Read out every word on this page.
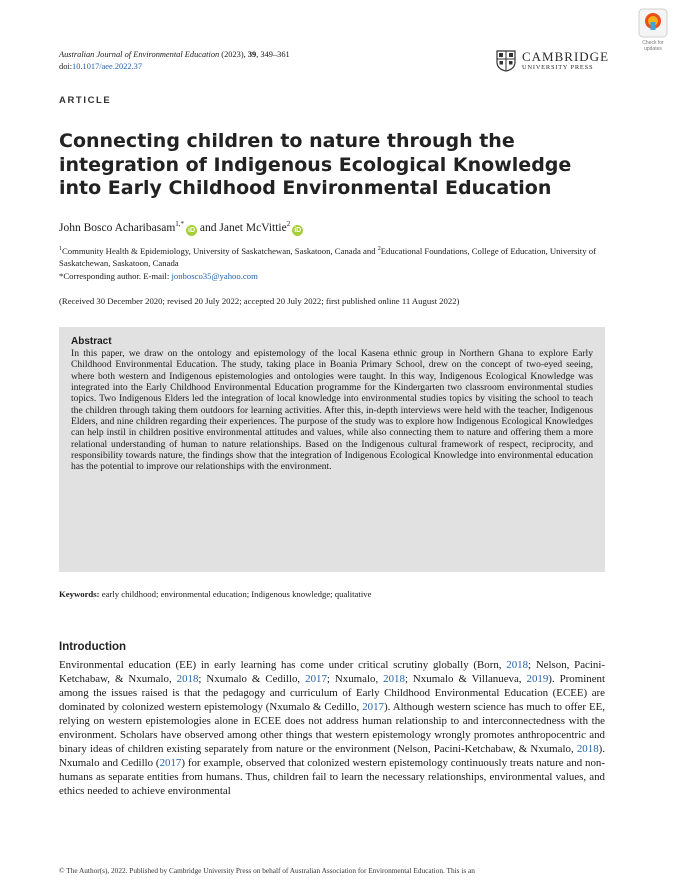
Check for
updates
Australian Journal of Environmental Education (2023), 39, 349–361
doi:10.1017/aee.2022.37
CAMBRIDGE
UNIVERSITY PRESS
ARTICLE
Connecting children to nature through the integration of Indigenous Ecological Knowledge into Early Childhood Environmental Education
John Bosco Acharibasam$^{1,*}$iD and Janet McVittie$^2$iD
$^1$Community Health & Epidemiology, University of Saskatchewan, Saskatoon, Canada and $^2$Educational Foundations, College of Education, University of Saskatchewan, Saskatoon, Canada
*Corresponding author. E-mail: jonbosco35@yahoo.com
(Received 30 December 2020; revised 20 July 2022; accepted 20 July 2022; first published online 11 August 2022)
Abstract
In this paper, we draw on the ontology and epistemology of the local Kasena ethnic group in Northern Ghana to explore Early Childhood Environmental Education. The study, taking place in Boania Primary School, drew on the concept of two-eyed seeing, where both western and Indigenous epistemologies and ontologies were taught. In this way, Indigenous Ecological Knowledge was integrated into the Early Childhood Environmental Education programme for the Kindergarten two classroom environmental studies topics. Two Indigenous Elders led the integration of local knowledge into environmental studies topics by visiting the school to teach the children through taking them outdoors for learning activities. After this, in-depth interviews were held with the teacher, Indigenous Elders, and nine children regarding their experiences. The purpose of the study was to explore how Indigenous Ecological Knowledges can help instil in children positive environmental attitudes and values, while also connecting them to nature and offering them a more relational understanding of human to nature relationships. Based on the Indigenous cultural framework of respect, reciprocity, and responsibility towards nature, the findings show that the integration of Indigenous Ecological Knowledge into environmental education has the potential to improve our relationships with the environment.
Keywords: early childhood; environmental education; Indigenous knowledge; qualitative
Introduction
Environmental education (EE) in early learning has come under critical scrutiny globally (Born, 2018; Nelson, Pacini-Ketchabaw, & Nxumalo, 2018; Nxumalo & Cedillo, 2017; Nxumalo, 2018; Nxumalo & Villanueva, 2019). Prominent among the issues raised is that the pedagogy and curriculum of Early Childhood Environmental Education (ECEE) are dominated by colonized western epistemology (Nxumalo & Cedillo, 2017). Although western science has much to offer EE, relying on western epistemologies alone in ECEE does not address human relationship to and interconnectedness with the environment. Scholars have observed among other things that western epistemology wrongly promotes anthropocentric and binary ideas of children existing separately from nature or the environment (Nelson, Pacini-Ketchabaw, & Nxumalo, 2018). Nxumalo and Cedillo (2017) for example, observed that colonized western epistemology continuously treats nature and non-humans as separate entities from humans. Thus, children fail to learn the necessary relationships, environmental values, and ethics needed to achieve environmental
© The Author(s), 2022. Published by Cambridge University Press on behalf of Australian Association for Environmental Education. This is an
